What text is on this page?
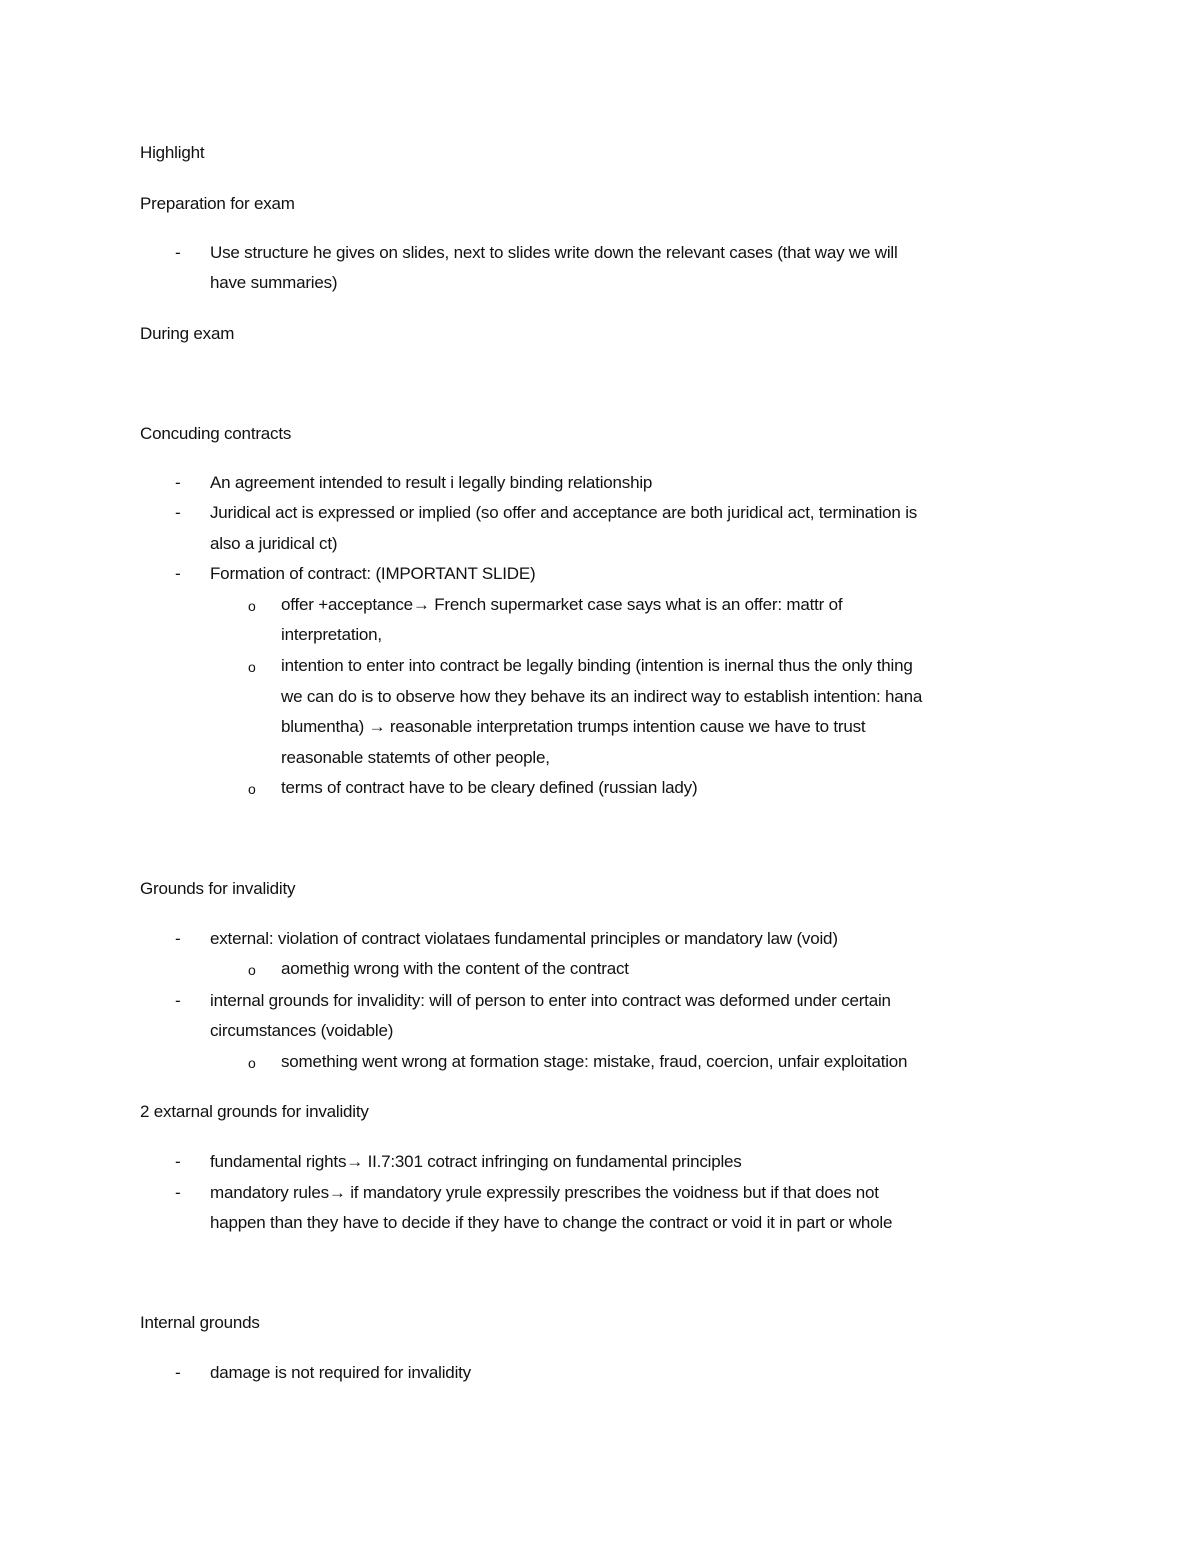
Highlight
Preparation for exam
- Use structure he gives on slides, next to slides write down the relevant cases (that way we will
have summaries)
During exam
Concuding contracts
- An agreement intended to result i legally binding relationship
- Juridical act is expressed or implied (so offer and acceptance are both juridical act, termination is
also a juridical ct)
- Formation of contract: (IMPORTANT SLIDE)
o offer +acceptance→ French supermarket case says what is an offer: mattr of
interpretation,
o intention to enter into contract be legally binding (intention is inernal thus the only thing
we can do is to observe how they behave its an indirect way to establish intention: hana
blumentha) → reasonable interpretation trumps intention cause we have to trust
reasonable statemts of other people,
o terms of contract have to be cleary defined (russian lady)
Grounds for invalidity
- external: violation of contract violataes fundamental principles or mandatory law (void)
o aomethig wrong with the content of the contract
- internal grounds for invalidity: will of person to enter into contract was deformed under certain
circumstances (voidable)
o something went wrong at formation stage: mistake, fraud, coercion, unfair exploitation
2 extarnal grounds for invalidity
- fundamental rights→ II.7:301 cotract infringing on fundamental principles
- mandatory rules→ if mandatory yrule expressily prescribes the voidness but if that does not
happen than they have to decide if they have to change the contract or void it in part or whole
Internal grounds
- damage is not required for invalidity
